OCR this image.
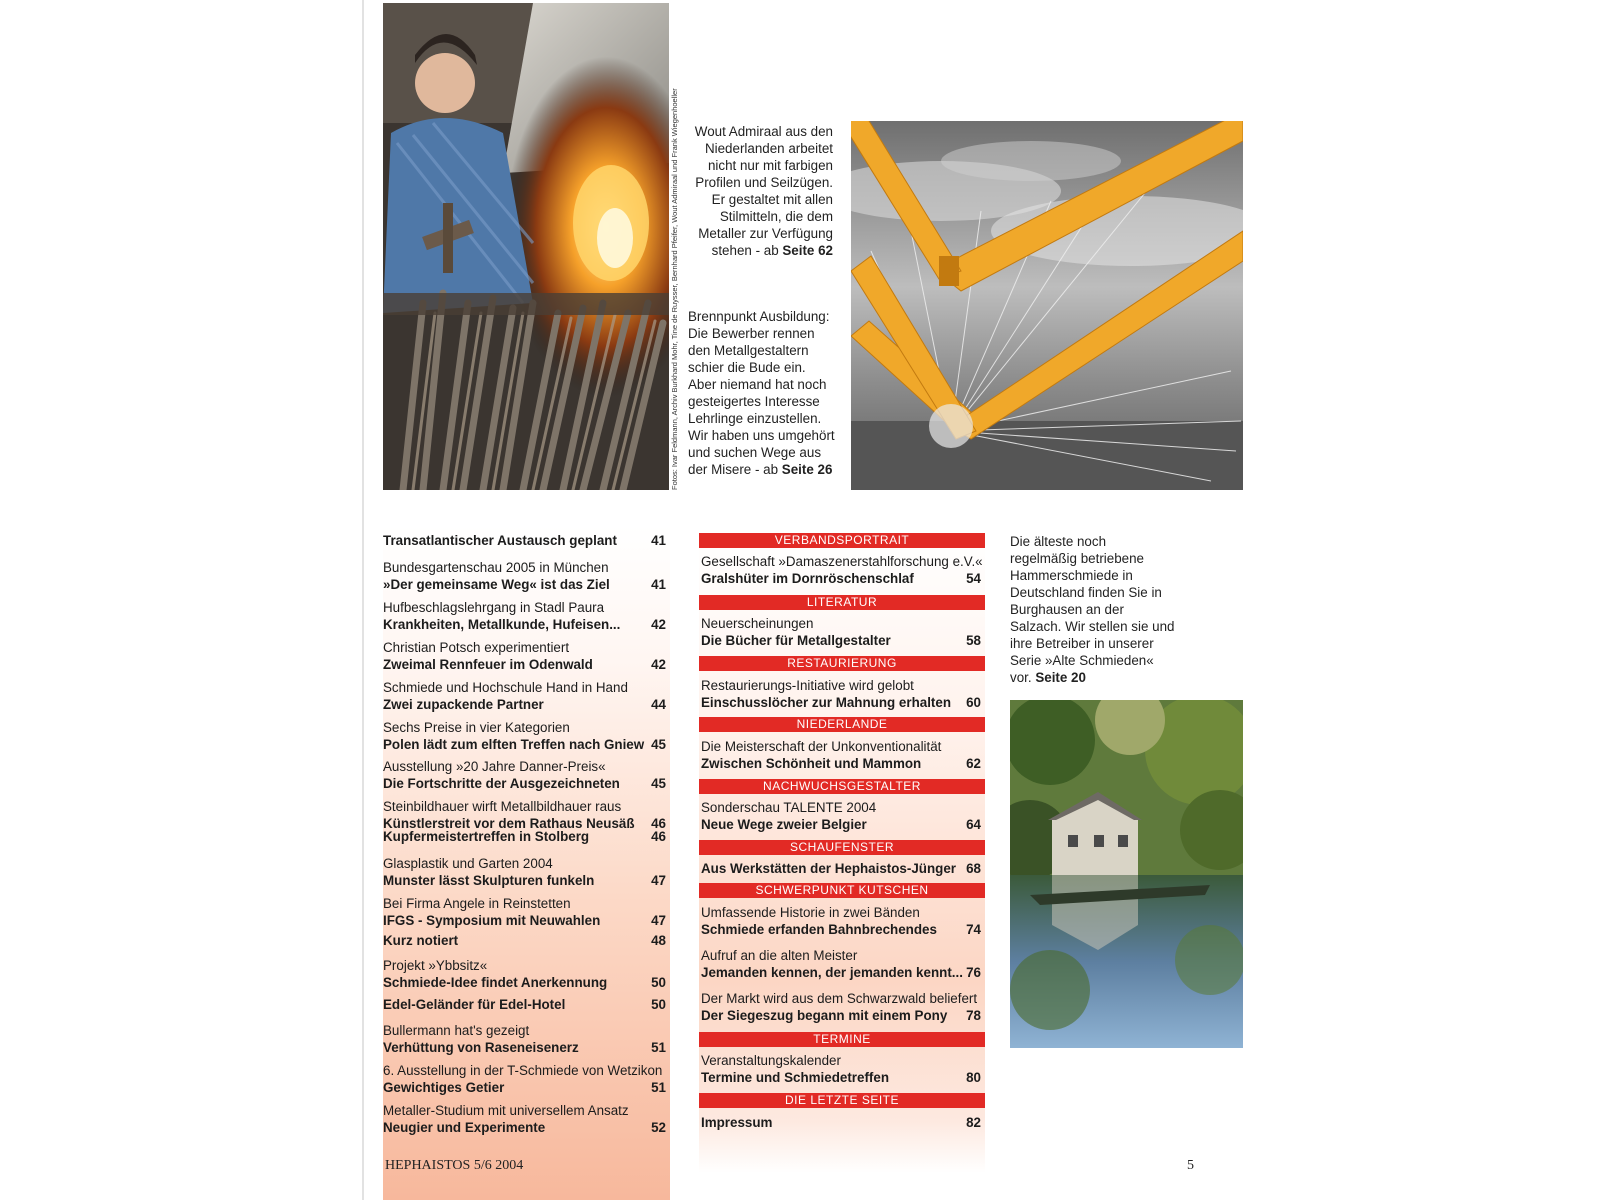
Fotos: Ivar Feldmann, Archiv Burkhard Mohr, Tine de Ruysser, Bernhard Pfeifer, Wout Admiraal und Frank Wiegenhoeller	Wout Admiraal aus den Niederlanden arbeitet nicht nur mit farbigen Profilen und Seilzügen. Er gestaltet mit allen Stilmitteln, die dem Metaller zur Verfügung stehen - ab Seite 62
Brennpunkt Ausbildung: Die Bewerber rennen den Metallgestaltern schier die Bude ein. Aber niemand hat noch gesteigertes Interesse Lehrlinge einzustellen. Wir haben uns umgehört und suchen Wege aus der Misere - ab Seite 26
Die älteste noch regelmäßig betriebene Hammerschmiede in Deutschland finden Sie in Burghausen an der Salzach. Wir stellen sie und ihre Betreiber in unserer Serie »Alte Schmieden« vor. Seite 20
Transatlantischer Austausch geplant	41
Bundesgartenschau 2005 in München
»Der gemeinsame Weg« ist das Ziel	41
Hufbeschlagslehrgang in Stadl Paura
Krankheiten, Metallkunde, Hufeisen...	42
Christian Potsch experimentiert
Zweimal Rennfeuer im Odenwald	42
Schmiede und Hochschule Hand in Hand
Zwei zupackende Partner	44
Sechs Preise in vier Kategorien
Polen lädt zum elften Treffen nach Gniew 45
Ausstellung »20 Jahre Danner-Preis«
Die Fortschritte der Ausgezeichneten	45
Steinbildhauer wirft Metallbildhauer raus
Künstlerstreit vor dem Rathaus Neusäß	46
Kupfermeistertreffen in Stolberg	46
Glasplastik und Garten 2004
Munster lässt Skulpturen funkeln	47
Bei Firma Angele in Reinstetten
IFGS - Symposium mit Neuwahlen	47
Kurz notiert	48
Projekt »Ybbsitz«
Schmiede-Idee findet Anerkennung	50
Edel-Geländer für Edel-Hotel	50
Bullermann hat's gezeigt
Verhüttung von Raseneisenerz	51
6. Ausstellung in der T-Schmiede von Wetzikon
Gewichtiges Getier	51
Metaller-Studium mit universellem Ansatz
Neugier und Experimente	52
VERBANDSPORTRAIT
Gesellschaft »Damaszenerstahlforschung e.V.«
Gralshüter im Dornröschenschlaf	54
LITERATUR
Neuerscheinungen
Die Bücher für Metallgestalter	58
RESTAURIERUNG
Restaurierungs-Initiative wird gelobt
Einschusslöcher zur Mahnung erhalten	60
NIEDERLANDE
Die Meisterschaft der Unkonventionalität
Zwischen Schönheit und Mammon	62
NACHWUCHSGESTALTER
Sonderschau TALENTE 2004
Neue Wege zweier Belgier	64
SCHAUFENSTER
Aus Werkstätten der Hephaistos-Jünger 68
SCHWERPUNKT KUTSCHEN
Umfassende Historie in zwei Bänden
Schmiede erfanden Bahnbrechendes	74
Aufruf an die alten Meister
Jemanden kennen, der jemanden kennt... 76
Der Markt wird aus dem Schwarzwald beliefert
Der Siegeszug begann mit einem Pony	78
TERMINE
Veranstaltungskalender
Termine und Schmiedetreffen	80
DIE LETZTE SEITE
Impressum	82
HEPHAISTOS 5/6 2004	5
